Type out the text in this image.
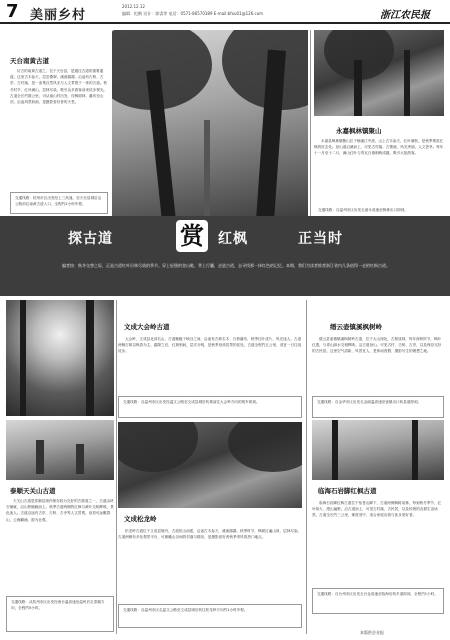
7 美丽乡村
2012.12.12
编辑：纪鹤 设计：郭睿等 电话：0571-86570189 E-mail:bfxu01@126.com	浙江农民报
天台南黄古道
访古的南黄古道之，位于天台县，是通往古道的重要通道。这里古木参天，层峦叠翠，溪流潺潺，沿途有古桥、古亭、古村落，是一条集自然风光与人文景观于一体的古道。秋冬时节，红叶满山，层林尽染，吸引众多游客前来徒步观光。古道全长约数公里，可从南山村出发，经枫树林、瀑布至山顶，沿途风景如画，是摄影爱好者的天堂。
交通线路：杭州市区出发经上三高速，至天台县城后沿公路前往南黄古道入口，全程约2小时车程。
永嘉枫林镇聚山
永嘉县枫林镇聚山位于楠溪江中游，山上古木参天，红叶满枝，是秋季观赏红枫的好去处。登山道沿溪而上，可见古村落、古寨墙，风光秀丽，人文荟萃。每年十一月至十二月，满山红叶与青瓦白墙相映成趣，吸引大批游客。
交通线路：自温州市区出发走诸永高速至枫林出口即到。
探古道	赏 红枫	正当时
编者按：秋冬交替之际，正是古道红叶层林尽染的季节。穿上轻便的登山鞋，背上行囊，走进古道，去寻找那一抹红色的记忆。本期，我们为读者推荐浙江省内几条值得一走的红枫古道。
泰顺天关山古道
天关山古道是泰顺县境内保存较为完好的古驿道之一，古道由块石铺就，沿山势蜿蜒而上。秋季古道两侧的红枫与黄叶交相辉映，景色迷人。古道沿途有古亭、古桥、古寺等人文景观，登顶可远眺群山，云海翻涌，蔚为壮观。
交通线路：从杭州市区出发经甬台温高速至温州后走泰顺方向，全程约5小时。
文成大会岭古道
大会岭，文成县北部名山，古道蜿蜒于峡谷之间，沿途有古树名木、石桥瀑布，秋季红叶成片，风光迷人。古道两侧古树以枫香为主，霜降之后，红黄相间，层次分明，是秋季登高赏景的佳处。古道全程约五公里，适宜一日往返徒步。
交通线路：自温州市区出发经温文公路至文成县城后转乘前往大会岭方向的班车即到。
文成松龙岭
松龙岭古道位于文成县境内，古道依山而建，沿途古木参天，溪流潺潺。秋季时节，枫树红遍山岗，层林尽染。古道两侧有多处观景平台，可俯瞰山谷间的村落与梯田，是摄影爱好者秋季采风的热门地点。
交通线路：自温州市区走温文公路至文成县城后转往松龙岭方向约1小时车程。
缙云壶镇溪枫树岭
缙云县壶镇镇溪枫树岭古道，位于大山深处，古树成林，每年深秋时节，枫叶红透，与青山绿水交相辉映。沿古道登山，可见古村、古桥、古亭，以及保存完好的古民居。这里空气清新，风景宜人，是休闲度假、摄影写生的理想之地。
交通线路：自金华市区出发走金丽温高速至壶镇出口转县道即到。
临海石岩脚红枫古道
临海石岩脚红枫古道位于括苍山脚下，古道两侧枫树成林，每到秋冬季节，红叶似火，漫山遍野。沿古道而上，可见古村落、古民居，以及传统的农耕生活场景。古道全长约三公里，难度适中，适合家庭出游与徒步爱好者。
交通线路：自台州市区出发走台金高速至临海后转乡道即到，全程约1小时。
本版供企业报
